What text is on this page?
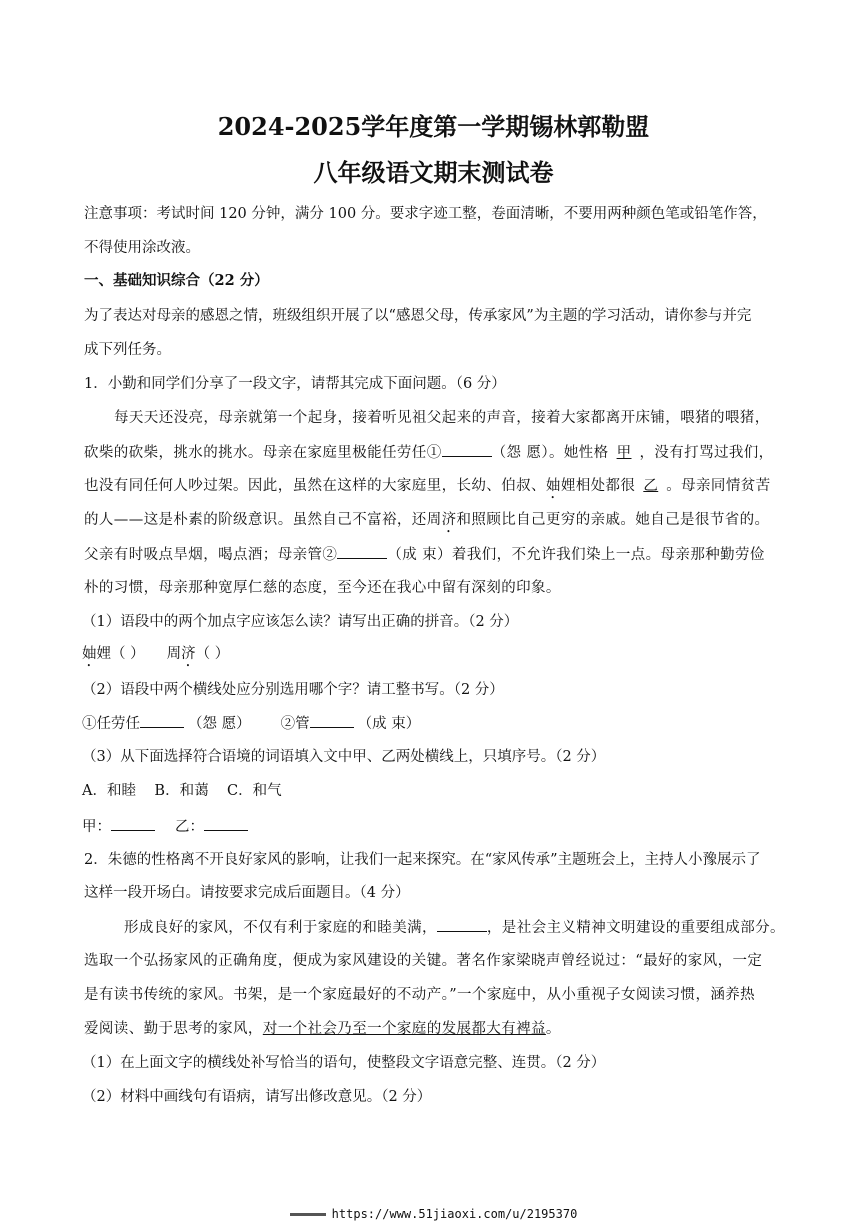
2024-2025学年度第一学期锡林郭勒盟
八年级语文期末测试卷
注意事项：考试时间 120 分钟，满分 100 分。要求字迹工整，卷面清晰，不要用两种颜色笔或铅笔作答，
不得使用涂改液。
一、基础知识综合（22 分）
为了表达对母亲的感恩之情，班级组织开展了以“感恩父母，传承家风”为主题的学习活动，请你参与并完
成下列任务。
1．小勤和同学们分享了一段文字，请帮其完成下面问题。（6 分）
每天天还没亮，母亲就第一个起身，接着听见祖父起来的声音，接着大家都离开床铺，喂猪的喂猪，
砍柴的砍柴，挑水的挑水。母亲在家庭里极能任劳任①	（怨 愿）。她性格 甲 ，没有打骂过我们，
也没有同任何人吵过架。因此，虽然在这样的大家庭里，长幼、伯叔、妯娌相处都很 乙 。母亲同情贫苦
的人——这是朴素的阶级意识。虽然自己不富裕，还周济和照顾比自己更穷的亲戚。她自己是很节省的。
父亲有时吸点旱烟，喝点酒；母亲管②	（成 束）着我们，不允许我们染上一点。母亲那种勤劳俭
朴的习惯，母亲那种宽厚仁慈的态度，至今还在我心中留有深刻的印象。
（1）语段中的两个加点字应该怎么读？请写出正确的拼音。（2 分）
妯娌（ ） 周济（ ）
（2）语段中两个横线处应分别选用哪个字？请工整书写。（2 分）
①任劳任	（怨 愿） ②管	（成 束）
（3）从下面选择符合语境的词语填入文中甲、乙两处横线上，只填序号。（2 分）
A．和睦    B．和蔼    C．和气
甲：	乙：
2．朱德的性格离不开良好家风的影响，让我们一起来探究。在“家风传承”主题班会上，主持人小豫展示了
这样一段开场白。请按要求完成后面题目。（4 分）
形成良好的家风，不仅有利于家庭的和睦美满，	，是社会主义精神文明建设的重要组成部分。
选取一个弘扬家风的正确角度，便成为家风建设的关键。著名作家梁晓声曾经说过：“最好的家风，一定
是有读书传统的家风。书架，是一个家庭最好的不动产。”一个家庭中，从小重视子女阅读习惯，涵养热
爱阅读、勤于思考的家风，对一个社会乃至一个家庭的发展都大有裨益。
（1）在上面文字的横线处补写恰当的语句，使整段文字语意完整、连贯。（2 分）
（2）材料中画线句有语病，请写出修改意见。（2 分）
https://www.51jiaoxi.com/u/2195370
